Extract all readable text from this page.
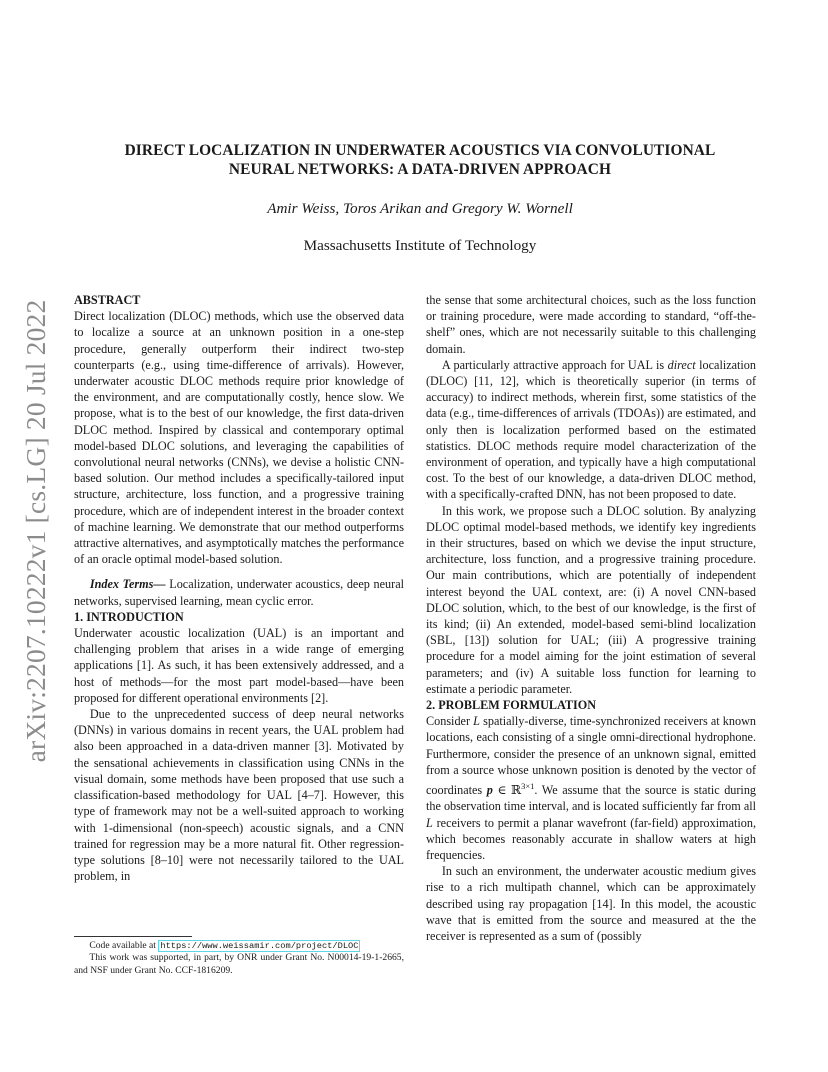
arXiv:2207.10222v1 [cs.LG] 20 Jul 2022
DIRECT LOCALIZATION IN UNDERWATER ACOUSTICS VIA CONVOLUTIONAL
NEURAL NETWORKS: A DATA-DRIVEN APPROACH
Amir Weiss, Toros Arikan and Gregory W. Wornell
Massachusetts Institute of Technology

ABSTRACT

Direct localization (DLOC) methods, which use the observed data to localize a source at an unknown position in a one-step procedure, generally outperform their indirect two-step counterparts (e.g., using time-difference of arrivals). However, underwater acoustic DLOC methods require prior knowledge of the environment, and are computationally costly, hence slow. We propose, what is to the best of our knowledge, the first data-driven DLOC method. Inspired by classical and contemporary optimal model-based DLOC solutions, and leveraging the capabilities of convolutional neural networks (CNNs), we devise a holistic CNN-based solution. Our method includes a specifically-tailored input structure, architecture, loss function, and a progressive training procedure, which are of independent interest in the broader context of machine learning. We demonstrate that our method outperforms attractive alternatives, and asymptotically matches the performance of an oracle optimal model-based solution.

Index Terms— Localization, underwater acoustics, deep neural networks, supervised learning, mean cyclic error.

1. INTRODUCTION

Underwater acoustic localization (UAL) is an important and challenging problem that arises in a wide range of emerging applications [1]. As such, it has been extensively addressed, and a host of methods—for the most part model-based—have been proposed for different operational environments [2].

Due to the unprecedented success of deep neural networks (DNNs) in various domains in recent years, the UAL problem had also been approached in a data-driven manner [3]. Motivated by the sensational achievements in classification using CNNs in the visual domain, some methods have been proposed that use such a classification-based methodology for UAL [4–7]. However, this type of framework may not be a well-suited approach to working with 1-dimensional (non-speech) acoustic signals, and a CNN trained for regression may be a more natural fit. Other regression-type solutions [8–10] were not necessarily tailored to the UAL problem, in

Code available at https://www.weissamir.com/project/DLOC

This work was supported, in part, by ONR under Grant No. N00014-19-1-2665, and NSF under Grant No. CCF-1816209.

the sense that some architectural choices, such as the loss function or training procedure, were made according to standard, “off-the-shelf” ones, which are not necessarily suitable to this challenging domain.

A particularly attractive approach for UAL is direct localization (DLOC) [11, 12], which is theoretically superior (in terms of accuracy) to indirect methods, wherein first, some statistics of the data (e.g., time-differences of arrivals (TDOAs)) are estimated, and only then is localization performed based on the estimated statistics. DLOC methods require model characterization of the environment of operation, and typically have a high computational cost. To the best of our knowledge, a data-driven DLOC method, with a specifically-crafted DNN, has not been proposed to date.

In this work, we propose such a DLOC solution. By analyzing DLOC optimal model-based methods, we identify key ingredients in their structures, based on which we devise the input structure, architecture, loss function, and a progressive training procedure. Our main contributions, which are potentially of independent interest beyond the UAL context, are: (i) A novel CNN-based DLOC solution, which, to the best of our knowledge, is the first of its kind; (ii) An extended, model-based semi-blind localization (SBL, [13]) solution for UAL; (iii) A progressive training procedure for a model aiming for the joint estimation of several parameters; and (iv) A suitable loss function for learning to estimate a periodic parameter.

2. PROBLEM FORMULATION

Consider L spatially-diverse, time-synchronized receivers at known locations, each consisting of a single omni-directional hydrophone. Furthermore, consider the presence of an unknown signal, emitted from a source whose unknown position is denoted by the vector of coordinates p ∈ ℝ$^{3\times 1}$. We assume that the source is static during the observation time interval, and is located sufficiently far from all L receivers to permit a planar wavefront (far-field) approximation, which becomes reasonably accurate in shallow waters at high frequencies.

In such an environment, the underwater acoustic medium gives rise to a rich multipath channel, which can be approximately described using ray propagation [14]. In this model, the acoustic wave that is emitted from the source and measured at the the receiver is represented as a sum of (possibly
